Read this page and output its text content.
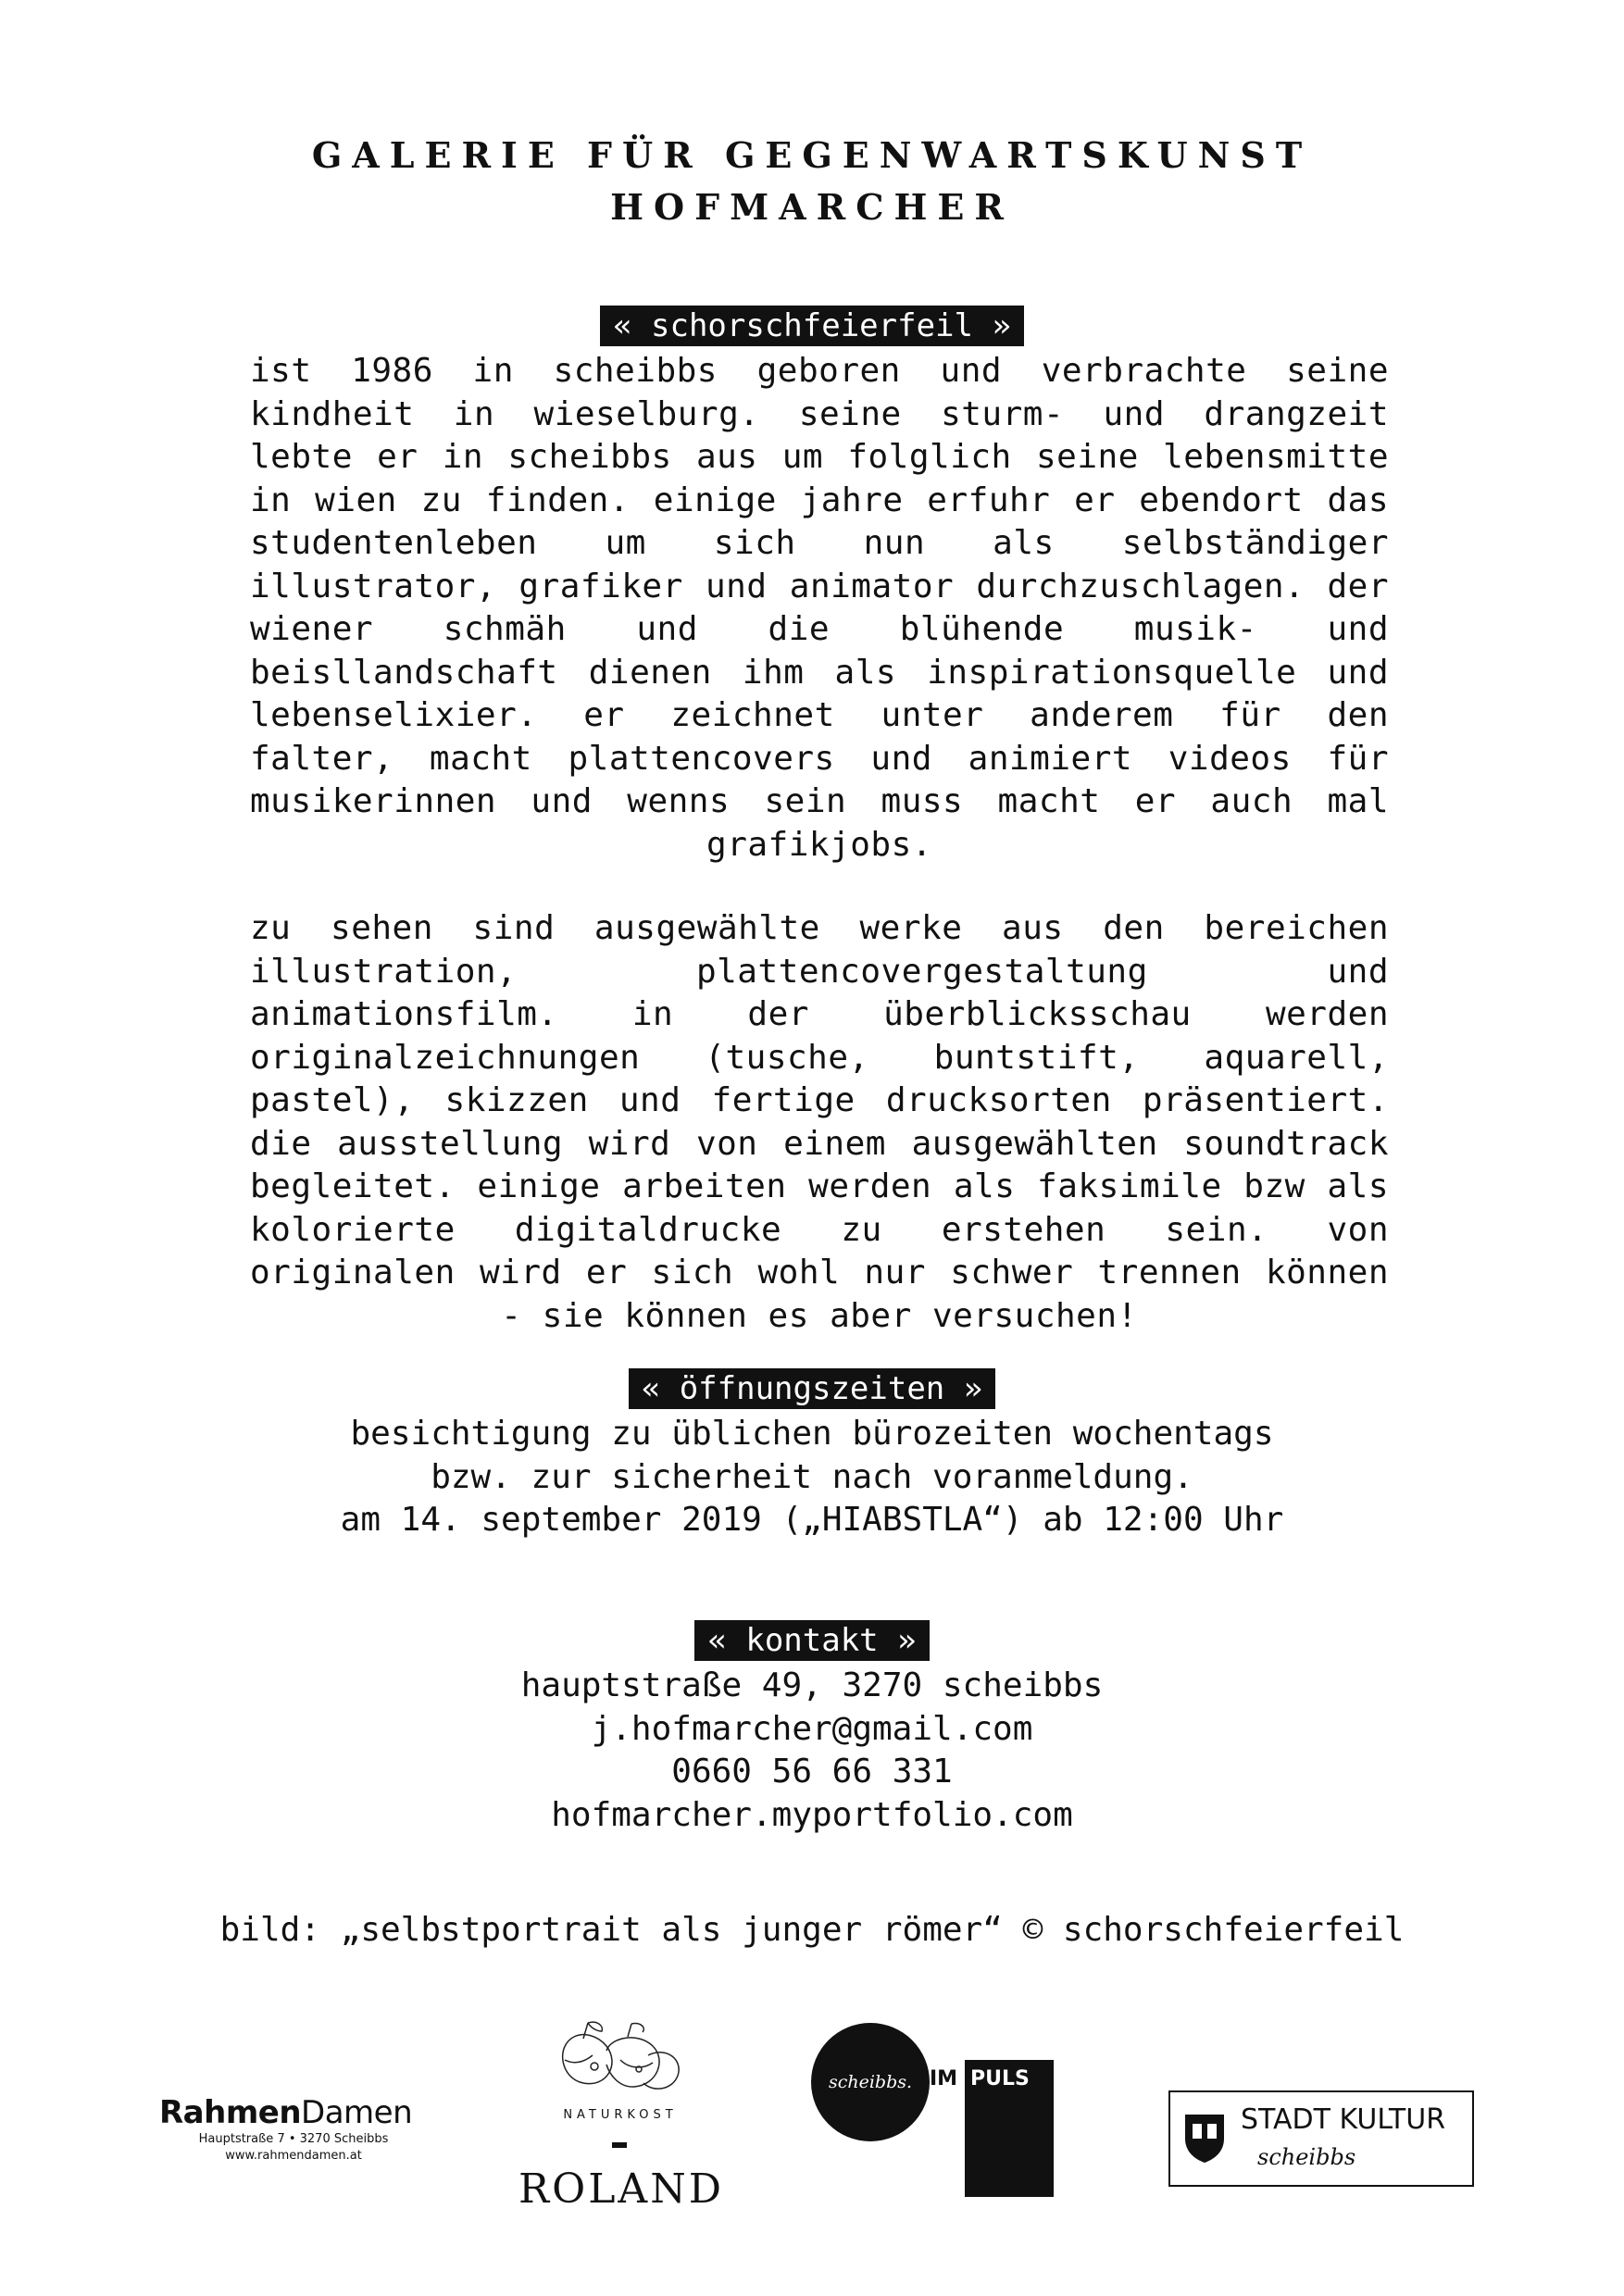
GALERIE FÜR GEGENWARTSKUNST
HOFMARCHER
« schorschfeierfeil »

ist 1986 in scheibbs geboren und verbrachte seine kindheit in wieselburg. seine sturm- und drangzeit lebte er in scheibbs aus um folglich seine lebensmitte in wien zu finden. einige jahre erfuhr er ebendort das studentenleben um sich nun als selbständiger illustrator, grafiker und animator durchzuschlagen. der wiener schmäh und die blühende musik- und beisllandschaft dienen ihm als inspirationsquelle und lebenselixier. er zeichnet unter anderem für den falter, macht plattencovers und animiert videos für musikerinnen und wenns sein muss macht er auch mal grafikjobs.

zu sehen sind ausgewählte werke aus den bereichen illustration, plattencovergestaltung und animationsfilm. in der überblicksschau werden originalzeichnungen (tusche, buntstift, aquarell, pastel), skizzen und fertige drucksorten präsentiert. die ausstellung wird von einem ausgewählten soundtrack begleitet. einige arbeiten werden als faksimile bzw als kolorierte digitaldrucke zu erstehen sein. von originalen wird er sich wohl nur schwer trennen können - sie können es aber versuchen!

« öffnungszeiten »
besichtigung zu üblichen bürozeiten wochentags
bzw. zur sicherheit nach voranmeldung.
am 14. september 2019 („HIABSTLA“) ab 12:00 Uhr
« kontakt »
hauptstraße 49, 3270 scheibbs
j.hofmarcher@gmail.com
0660 56 66 331
hofmarcher.myportfolio.com
bild: „selbstportrait als junger römer“ © schorschfeierfeil
RahmenDamen
Hauptstraße 7 • 3270 Scheibbs
www.rahmendamen.at
NATURKOST
ROLAND
scheibbs. IM PULS
STADT KULTUR
scheibbs
